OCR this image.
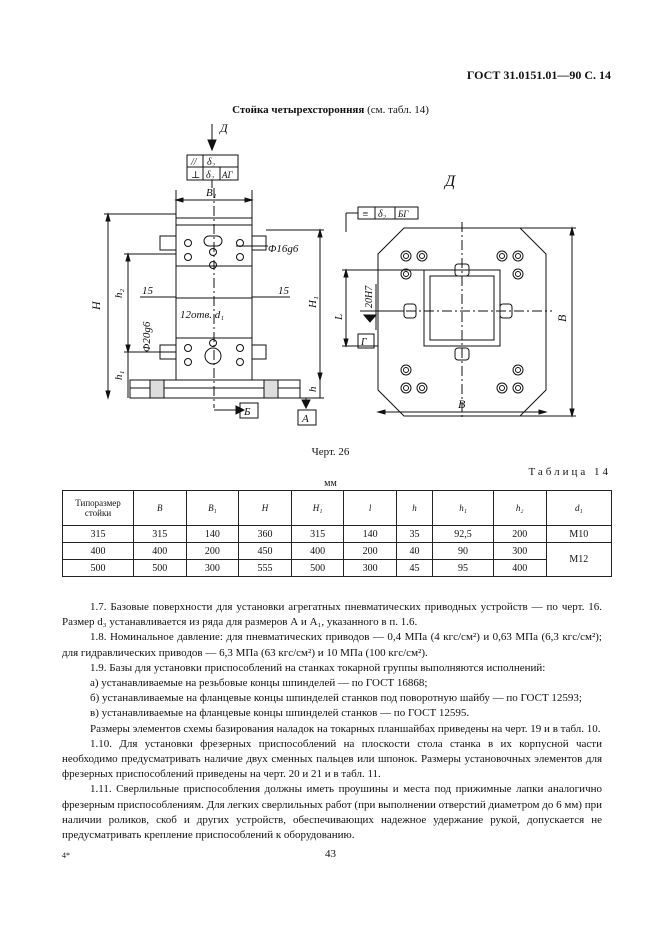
ГОСТ 31.0151.01—90 С. 14
Стойка четырехсторонняя (см. табл. 14)
Д
Д
B₁
H
h₂
h₁
H₁
h
15	15
Φ16g6
Φ20g6
12отв. d₁	L
20H7
В
B
Б
А
Г
// δ₂
⊥ δ₂ АГ
≡ δ₂ БГ
Черт. 26
Таблица 14
мм
Типоразмер стойки	B	B₁	H	H₁	l	h	h₁	h₂	d₁
315	315	140	360	315	140	35	92,5	200	M10
400	400	200	450	400	200	40	90	300	M12
500	500	300	555	500	300	45	95	400	

1.7. Базовые поверхности для установки агрегатных пневматических приводных устройств — по черт. 16. Размер d₃ устанавливается из ряда для размеров А и А₁, указанного в п. 1.6.

1.8. Номинальное давление: для пневматических приводов — 0,4 МПа (4 кгс/см²) и 0,63 МПа (6,3 кгс/см²); для гидравлических приводов — 6,3 МПа (63 кгс/см²) и 10 МПа (100 кгс/см²).

1.9. Базы для установки приспособлений на станках токарной группы выполняются исполнений:

а) устанавливаемые на резьбовые концы шпинделей — по ГОСТ 16868;

б) устанавливаемые на фланцевые концы шпинделей станков под поворотную шайбу — по ГОСТ 12593;

в) устанавливаемые на фланцевые концы шпинделей станков — по ГОСТ 12595.

Размеры элементов схемы базирования наладок на токарных планшайбах приведены на черт. 19 и в табл. 10.

1.10. Для установки фрезерных приспособлений на плоскости стола станка в их корпусной части необходимо предусматривать наличие двух сменных пальцев или шпонок. Размеры установочных элементов для фрезерных приспособлений приведены на черт. 20 и 21 и в табл. 11.

1.11. Сверлильные приспособления должны иметь проушины и места под прижимные лапки аналогично фрезерным приспособлениям. Для легких сверлильных работ (при выполнении отверстий диаметром до 6 мм) при наличии роликов, скоб и других устройств, обеспечивающих надежное удержание рукой, допускается не предусматривать крепление приспособлений к оборудованию.

4*	43
